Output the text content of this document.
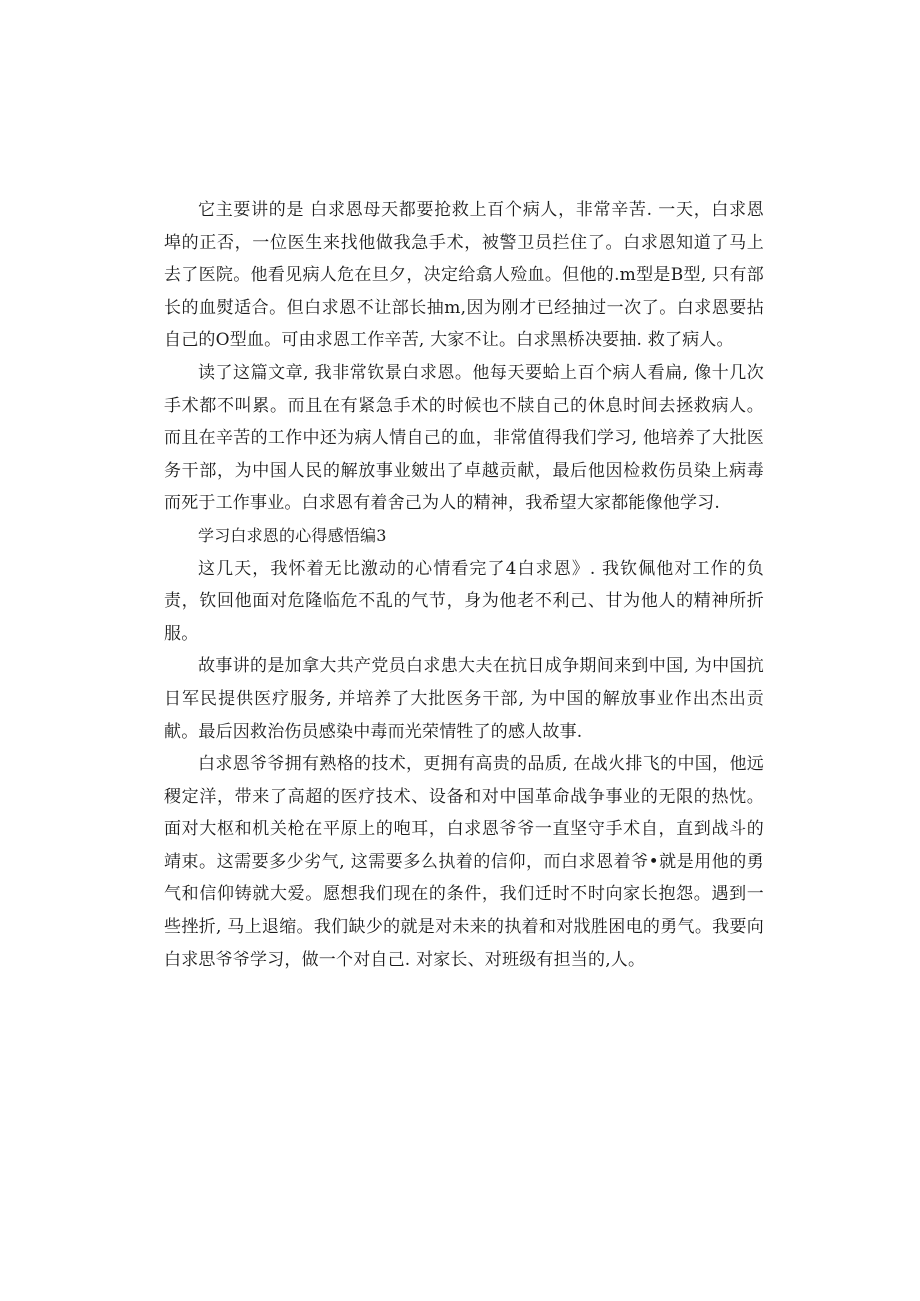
它主要讲的是 白求恩母天都要抢救上百个病人，非常辛苦. 一天，白求恩埠的正否，一位医生来找他做我急手术，被警卫员拦住了。白求恩知道了马上去了医院。他看见病人危在旦夕，决定给翕人殓血。但他的.m型是B型, 只有部长的血熨适合。但白求恩不让部长抽m,因为刚才已经抽过一次了。白求恩要拈自己的O型血。可由求恩工作辛苦, 大家不让。白求黑桥决要抽. 救了病人。

读了这篇文章, 我非常钦景白求恩。他每天要蛤上百个病人看扁, 像十几次手术都不叫累。而且在有紧急手术的时候也不牍自己的休息时间去拯救病人。而且在辛苦的工作中还为病人情自己的血，非常值得我们学习, 他培养了大批医务干部，为中国人民的解放事业皴出了卓越贡献，最后他因检救伤员染上病毒而死于工作事业。白求恩有着舍己为人的精神，我希望大家都能像他学习.

学习白求恩的心得感悟编3

这几天，我怀着无比激动的心情看完了4白求恩》. 我钦佩他对工作的负责，钦回他面对危隆临危不乱的气节，身为他老不利己、甘为他人的精神所折服。

故事讲的是加拿大共产党员白求患大夫在抗日成争期间来到中国, 为中国抗日军民提供医疗服务, 并培养了大批医务干部, 为中国的解放事业作出杰出贡献。最后因救治伤员感染中毒而光荣情牲了的感人故事.

白求恩爷爷拥有熟格的技术，更拥有高贵的品质, 在战火排飞的中国，他远稷定洋，带来了高超的医疗技术、设备和对中国革命战争事业的无限的热忱。面对大枢和机关枪在平原上的咆耳，白求恩爷爷一直坚守手术自，直到战斗的靖束。这需要多少劣气, 这需要多么执着的信仰，而白求恩着爷•就是用他的勇气和信仰铸就大爱。愿想我们现在的条件，我们迁时不时向家长抱怨。遇到一些挫折, 马上退缩。我们缺少的就是对未来的执着和对戕胜困电的勇气。我要向白求思爷爷学习，做一个对自己. 对家长、对班级有担当的,人。
